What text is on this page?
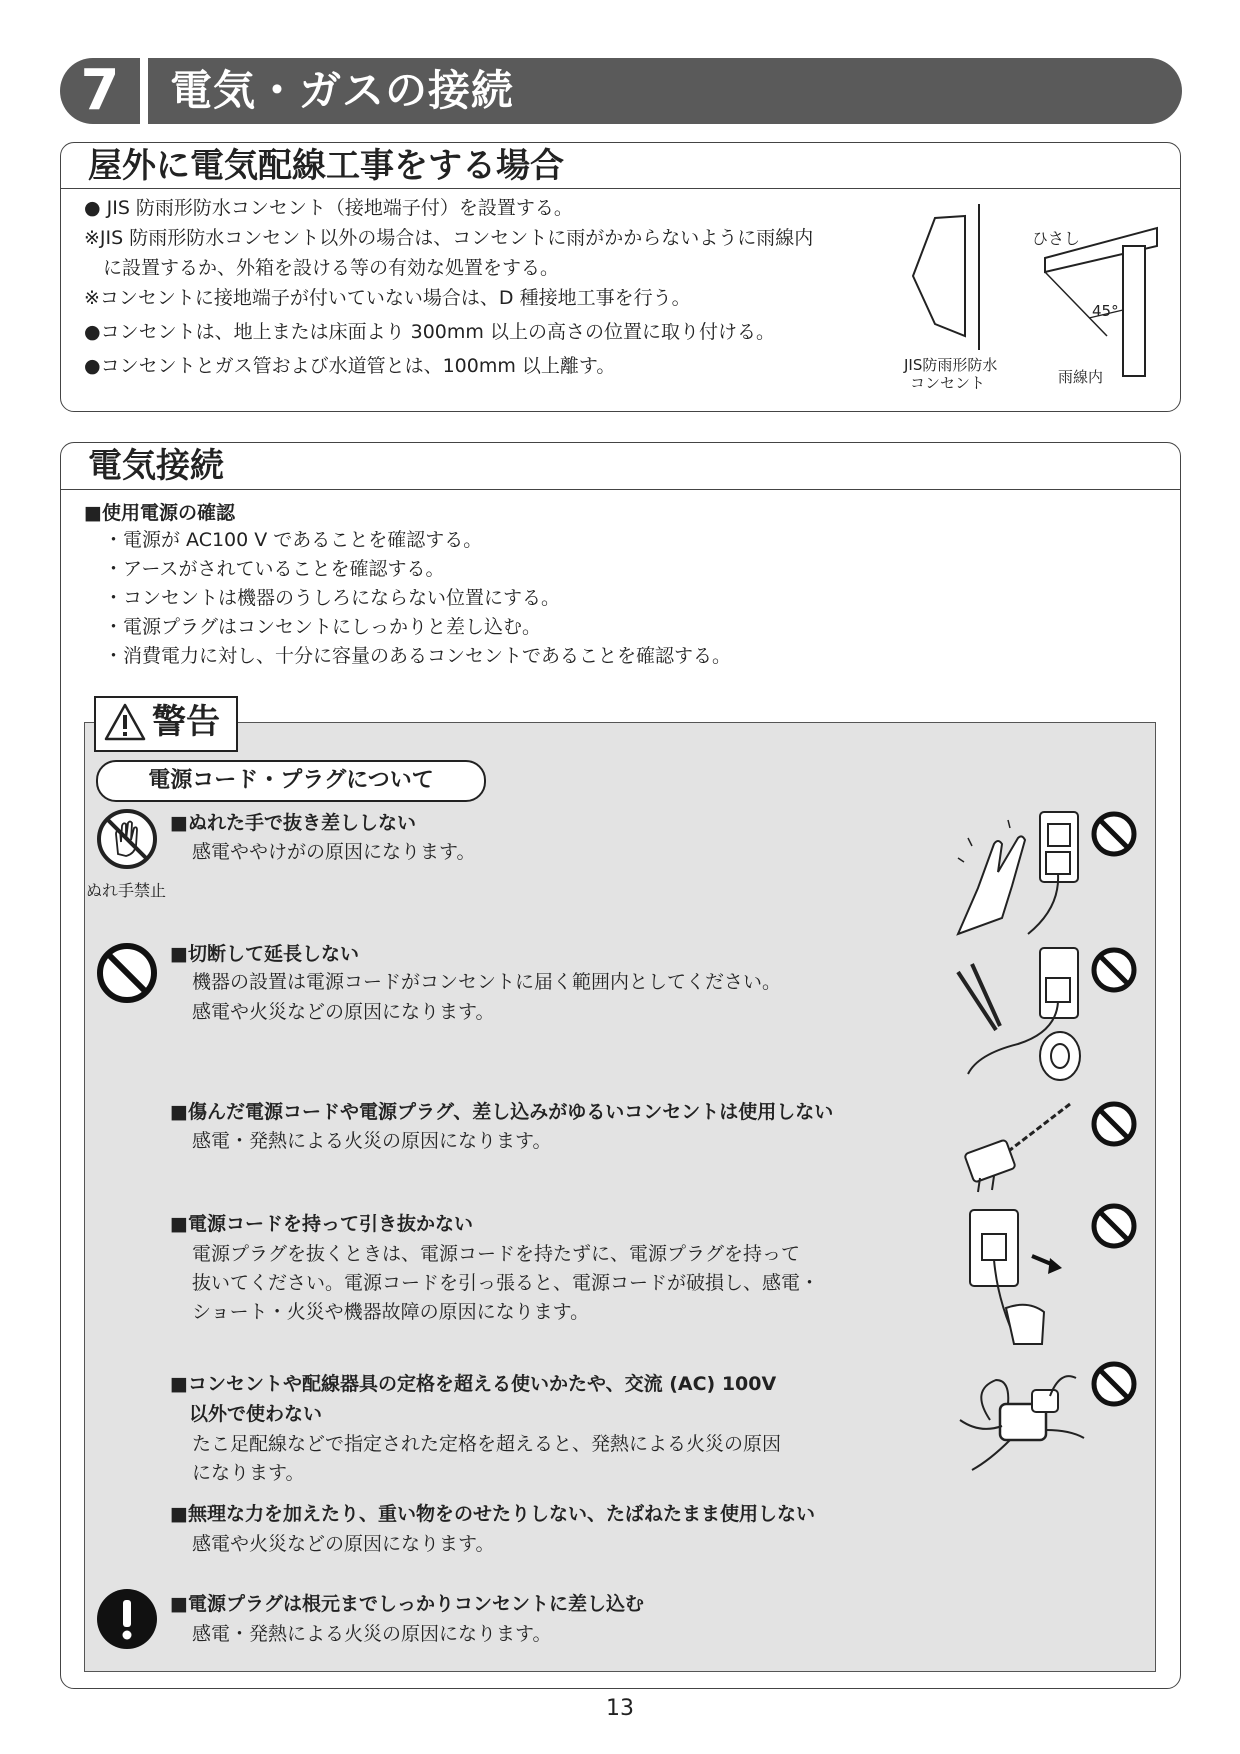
7	電気・ガスの接続
屋外に電気配線工事をする場合
● JIS 防雨形防水コンセント（接地端子付）を設置する。
※JIS 防雨形防水コンセント以外の場合は、コンセントに雨がかからないように雨線内
　に設置するか、外箱を設ける等の有効な処置をする。
※コンセントに接地端子が付いていない場合は、D 種接地工事を行う。
●コンセントは、地上または床面より 300mm 以上の高さの位置に取り付ける。
●コンセントとガス管および水道管とは、100mm 以上離す。
ひさし
45°
JIS防雨形防水
コンセント	雨線内
電気接続
■使用電源の確認
・電源が AC100 V であることを確認する。
・アースがされていることを確認する。
・コンセントは機器のうしろにならない位置にする。
・電源プラグはコンセントにしっかりと差し込む。
・消費電力に対し、十分に容量のあるコンセントであることを確認する。
警告
電源コード・プラグについて
ぬれ手禁止
■ぬれた手で抜き差ししない
感電ややけがの原因になります。
■切断して延長しない
機器の設置は電源コードがコンセントに届く範囲内としてください。
感電や火災などの原因になります。
■傷んだ電源コードや電源プラグ、差し込みがゆるいコンセントは使用しない
感電・発熱による火災の原因になります。
■電源コードを持って引き抜かない
電源プラグを抜くときは、電源コードを持たずに、電源プラグを持って
抜いてください。電源コードを引っ張ると、電源コードが破損し、感電・
ショート・火災や機器故障の原因になります。
■コンセントや配線器具の定格を超える使いかたや、交流 (AC) 100V
　以外で使わない
たこ足配線などで指定された定格を超えると、発熱による火災の原因
になります。
■無理な力を加えたり、重い物をのせたりしない、たばねたまま使用しない
感電や火災などの原因になります。
■電源プラグは根元までしっかりコンセントに差し込む
感電・発熱による火災の原因になります。
13
